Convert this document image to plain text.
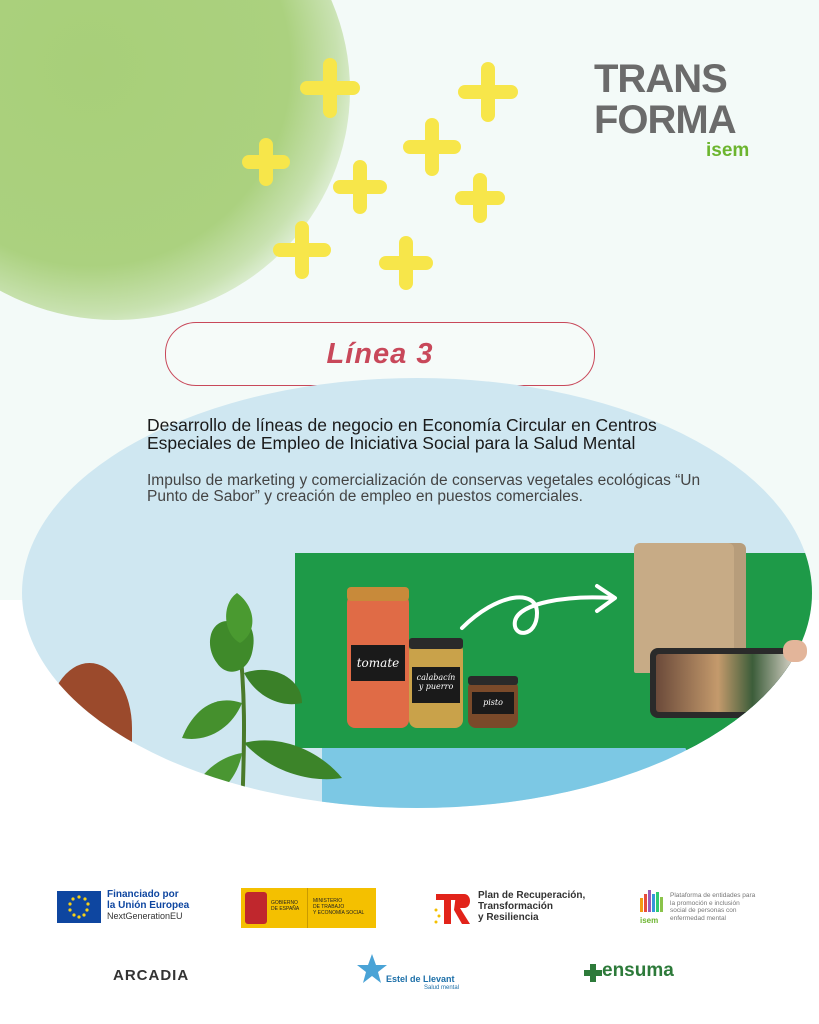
TRANS
FORMA
isem
Línea 3
tomate
calabacín
y puerro
pisto
Desarrollo de líneas de negocio en Economía Circular en Centros Especiales de Empleo de Iniciativa Social para la Salud Mental
Impulso de marketing y comercialización de conservas vegetales ecológicas “Un Punto de Sabor” y creación de empleo en puestos comerciales.
Financiado por
la Unión Europea
NextGenerationEU
GOBIERNO
DE ESPAÑA
MINISTERIO
DE TRABAJO
Y ECONOMÍA SOCIAL
Plan de Recuperación,
Transformación
y Resiliencia	isem
Plataforma de entidades para
la promoción e inclusión
social de personas con
enfermedad mental
ARCADIA	Estel de Llevant
Salud mental
ensuma
